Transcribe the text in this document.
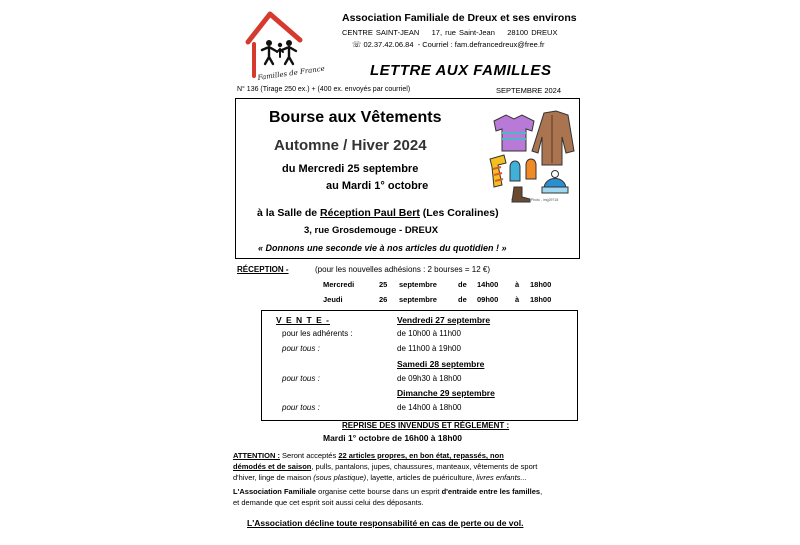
Familles de France
Association Familiale de Dreux et ses environs
CENTRE SAINT-JEAN 17, rue Saint-Jean 28100 DREUX
☏ 02.37.42.06.84 - Courriel : fam.defrancedreux@free.fr
LETTRE AUX FAMILLES
N° 136 (Tirage 250 ex.) + (400 ex. envoyés par courriel)	SEPTEMBRE 2024
Bourse aux Vêtements
Automne / Hiver 2024
du Mercredi 25 septembre
au Mardi 1° octobre
à la Salle de Réception Paul Bert (Les Coralines)
3, rue Grosdemouge - DREUX
« Donnons une seconde vie à nos articles du quotidien ! »
© Cat Stock Photo - img29718
RÉCEPTION -	(pour les nouvelles adhésions : 2 bourses = 12 €)
Mercredi	25 septembre	de 14h00 à 18h00
Jeudi	26 septembre	de 09h00 à 18h00
V E N T E -	Vendredi 27 septembre
pour les adhérents :	de 10h00 à 11h00
pour tous :	de 11h00 à 19h00
Samedi 28 septembre
pour tous :	de 09h30 à 18h00
Dimanche 29 septembre
pour tous :	de 14h00 à 18h00
REPRISE DES INVENDUS ET RÈGLEMENT :
Mardi 1° octobre de 16h00 à 18h00
ATTENTION : Seront acceptés 22 articles propres, en bon état, repassés, non
démodés et de saison, pulls, pantalons, jupes, chaussures, manteaux, vêtements de sport
d'hiver, linge de maison (sous plastique), layette, articles de puériculture, livres enfants...
L'Association Familiale organise cette bourse dans un esprit d'entraide entre les familles,
et demande que cet esprit soit aussi celui des déposants.
L'Association décline toute responsabilité en cas de perte ou de vol.
